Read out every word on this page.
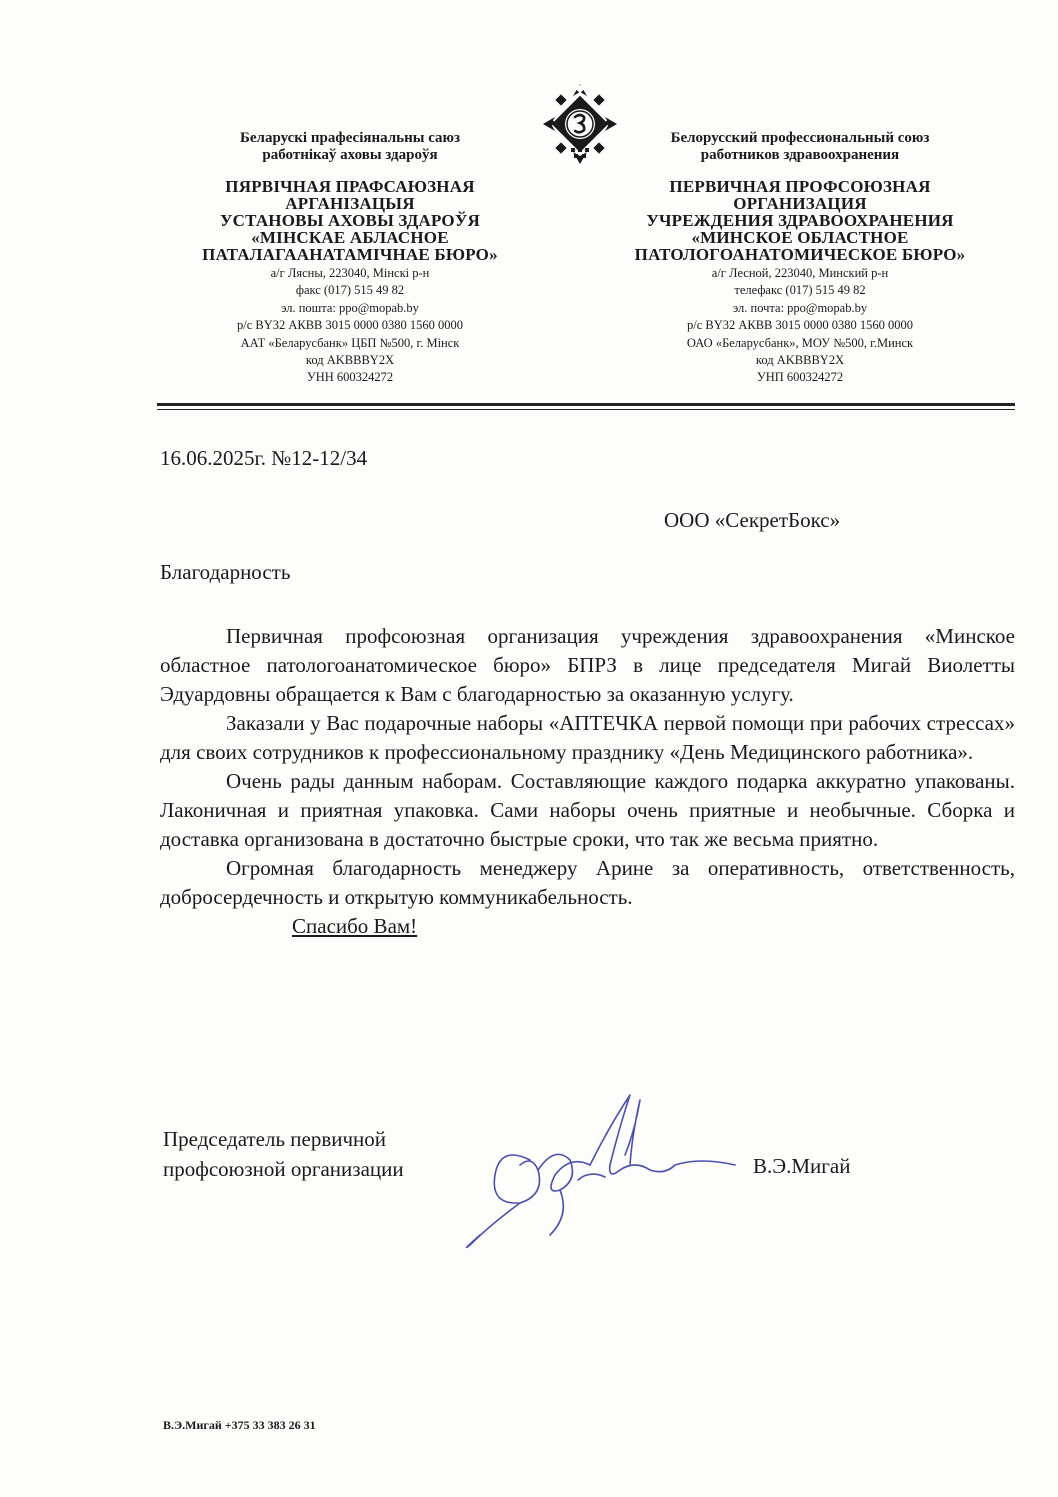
Беларускі прафесіянальны саюз

работнікаў аховы здароўя

ПЯРВІЧНАЯ ПРАФСАЮЗНАЯ
АРГАНІЗАЦЫЯ
УСТАНОВЫ АХОВЫ ЗДАРОЎЯ
«МІНСКАЕ АБЛАСНОЕ
ПАТАЛАГААНАТАМІЧНАЕ БЮРО»

а/г Лясны, 223040, Мінскі р-н
факс (017) 515 49 82
эл. пошта: ppo@mopab.by
р/с BY32 АКВВ 3015 0000 0380 1560 0000
ААТ «Беларусбанк» ЦБП №500, г. Мінск
код AKBBBY2X
УНН 600324272

Белорусский профессиональный союз

работников здравоохранения

ПЕРВИЧНАЯ ПРОФСОЮЗНАЯ
ОРГАНИЗАЦИЯ
УЧРЕЖДЕНИЯ ЗДРАВООХРАНЕНИЯ
«МИНСКОЕ ОБЛАСТНОЕ
ПАТОЛОГОАНАТОМИЧЕСКОЕ БЮРО»

а/г Лесной, 223040, Минский р-н
телефакс (017) 515 49 82
эл. почта: ppo@mopab.by
р/с BY32 АКВВ 3015 0000 0380 1560 0000
ОАО «Беларусбанк», МОУ №500, г.Минск
код AKBBBY2X
УНП 600324272
16.06.2025г. №12-12/34
ООО «СекретБокс»
Благодарность

Первичная профсоюзная организация учреждения здравоохранения «Минское областное патологоанатомическое бюро» БПРЗ в лице председателя Мигай Виолетты Эдуардовны обращается к Вам с благодарностью за оказанную услугу.

Заказали у Вас подарочные наборы «АПТЕЧКА первой помощи при рабочих стрессах» для своих сотрудников к профессиональному празднику «День Медицинского работника».

Очень рады данным наборам. Составляющие каждого подарка аккуратно упакованы. Лаконичная и приятная упаковка. Сами наборы очень приятные и необычные. Сборка и доставка организована в достаточно быстрые сроки, что так же весьма приятно.

Огромная благодарность менеджеру Арине за оперативность, ответственность, добросердечность и открытую коммуникабельность.

Спасибо Вам!

Председатель первичной
профсоюзной организации	В.Э.Мигай
В.Э.Мигай +375 33 383 26 31
